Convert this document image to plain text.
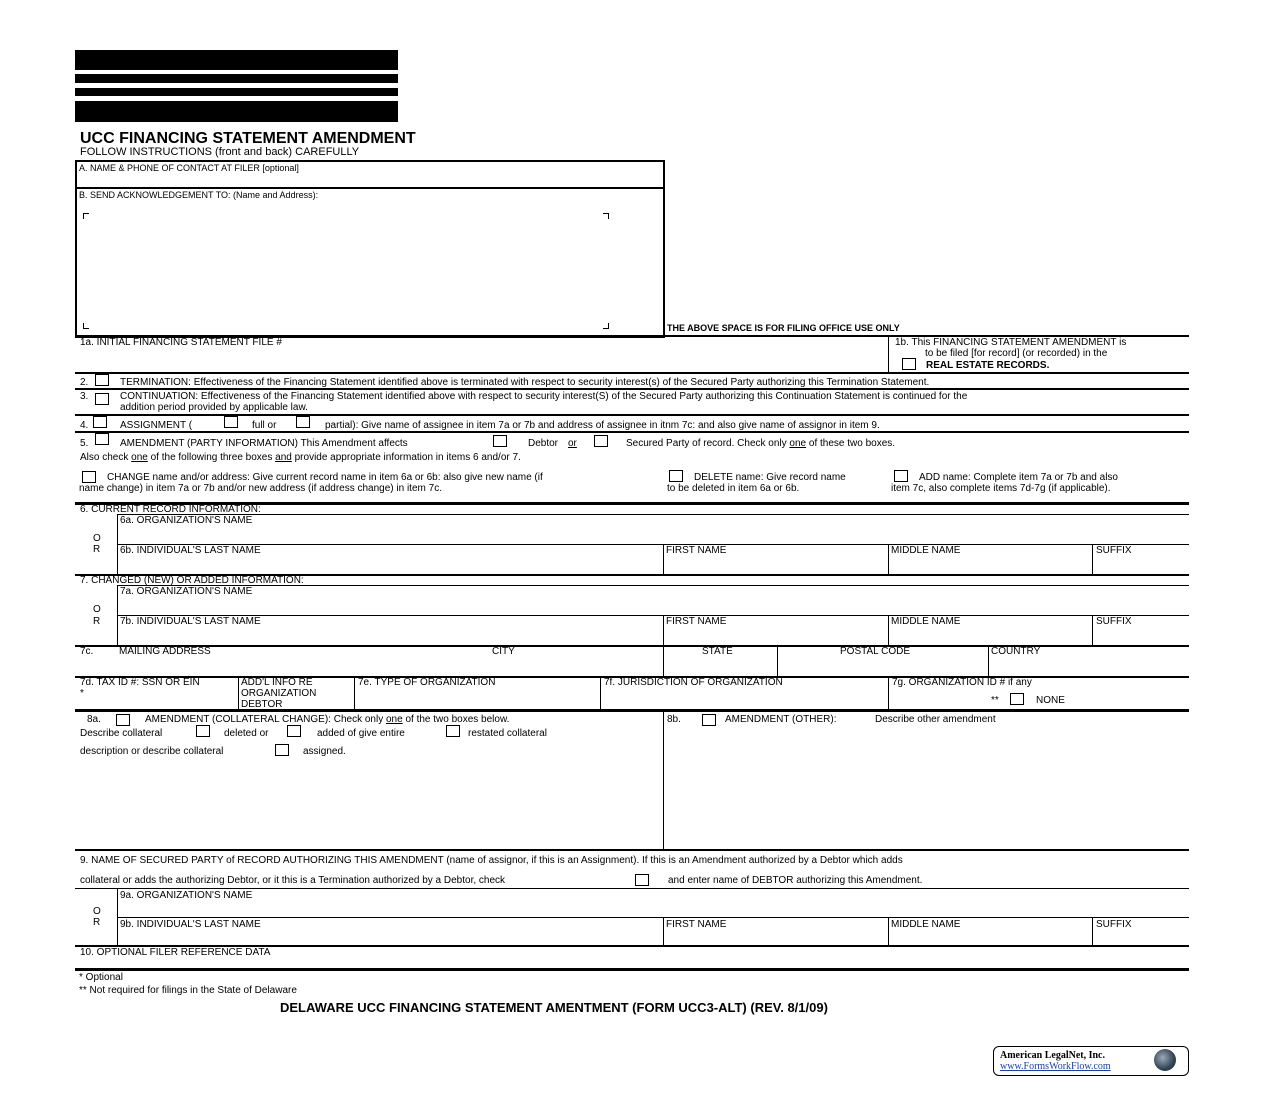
UCC FINANCING STATEMENT AMENDMENT
FOLLOW INSTRUCTIONS (front and back) CAREFULLY
A. NAME & PHONE OF CONTACT AT FILER [optional]
B. SEND ACKNOWLEDGEMENT TO: (Name and Address):
THE ABOVE SPACE IS FOR FILING OFFICE USE ONLY
1a. INITIAL FINANCING STATEMENT FILE #	1b. This FINANCING STATEMENT AMENDMENT is
to be filed [for record] (or recorded) in the
REAL ESTATE RECORDS.
2.	TERMINATION: Effectiveness of the Financing Statement identified above is terminated with respect to security interest(s) of the Secured Party authorizing this Termination Statement.
3.	CONTINUATION: Effectiveness of the Financing Statement identified above with respect to security interest(S) of the Secured Party authorizing this Continuation Statement is continued for the
addition period provided by applicable law.
4.	ASSIGNMENT (	full or	partial): Give name of assignee in item 7a or 7b and address of assignee in itnm 7c: and also give name of assignor in item 9.
5.	AMENDMENT (PARTY INFORMATION) This Amendment affects	Debtor or	Secured Party of record. Check only one of these two boxes.
Also check one of the following three boxes and provide appropriate information in items 6 and/or 7.
CHANGE name and/or address: Give current record name in item 6a or 6b: also give new name (if
name change) in item 7a or 7b and/or new address (if address change) in item 7c.
DELETE name: Give record name
to be deleted in item 6a or 6b.
ADD name: Complete item 7a or 7b and also
item 7c, also complete items 7d-7g (if applicable).
6. CURRENT RECORD INFORMATION:
6a. ORGANIZATION'S NAME
O
R 6b. INDIVIDUAL'S LAST NAME	FIRST NAME	MIDDLE NAME	SUFFIX
7. CHANGED (NEW) OR ADDED INFORMATION:
7a. ORGANIZATION'S NAME
O
R 7b. INDIVIDUAL'S LAST NAME	FIRST NAME	MIDDLE NAME	SUFFIX
7c.	MAILING ADDRESS	CITY	STATE	POSTAL CODE	COUNTRY
7d. TAX ID #: SSN OR EIN
*
ADD'L INFO RE
ORGANIZATION
DEBTOR
7e. TYPE OF ORGANIZATION	7f. JURISDICTION OF ORGANIZATION	7g. ORGANIZATION ID # if any
**	NONE
8a.	AMENDMENT (COLLATERAL CHANGE): Check only one of the two boxes below.
Describe collateral	deleted or	added of give entire	restated collateral
description or describe collateral	assigned.
8b.	AMENDMENT (OTHER):	Describe other amendment
9. NAME OF SECURED PARTY of RECORD AUTHORIZING THIS AMENDMENT (name of assignor, if this is an Assignment). If this is an Amendment authorized by a Debtor which adds
collateral or adds the authorizing Debtor, or it this is a Termination authorized by a Debtor, check	and enter name of DEBTOR authorizing this Amendment.
9a. ORGANIZATION'S NAME
O
R 9b. INDIVIDUAL'S LAST NAME	FIRST NAME	MIDDLE NAME	SUFFIX
10. OPTIONAL FILER REFERENCE DATA
* Optional
** Not required for filings in the State of Delaware
DELAWARE UCC FINANCING STATEMENT AMENTMENT (FORM UCC3-ALT) (REV. 8/1/09)
American LegalNet, Inc.
www.FormsWorkFlow.com
